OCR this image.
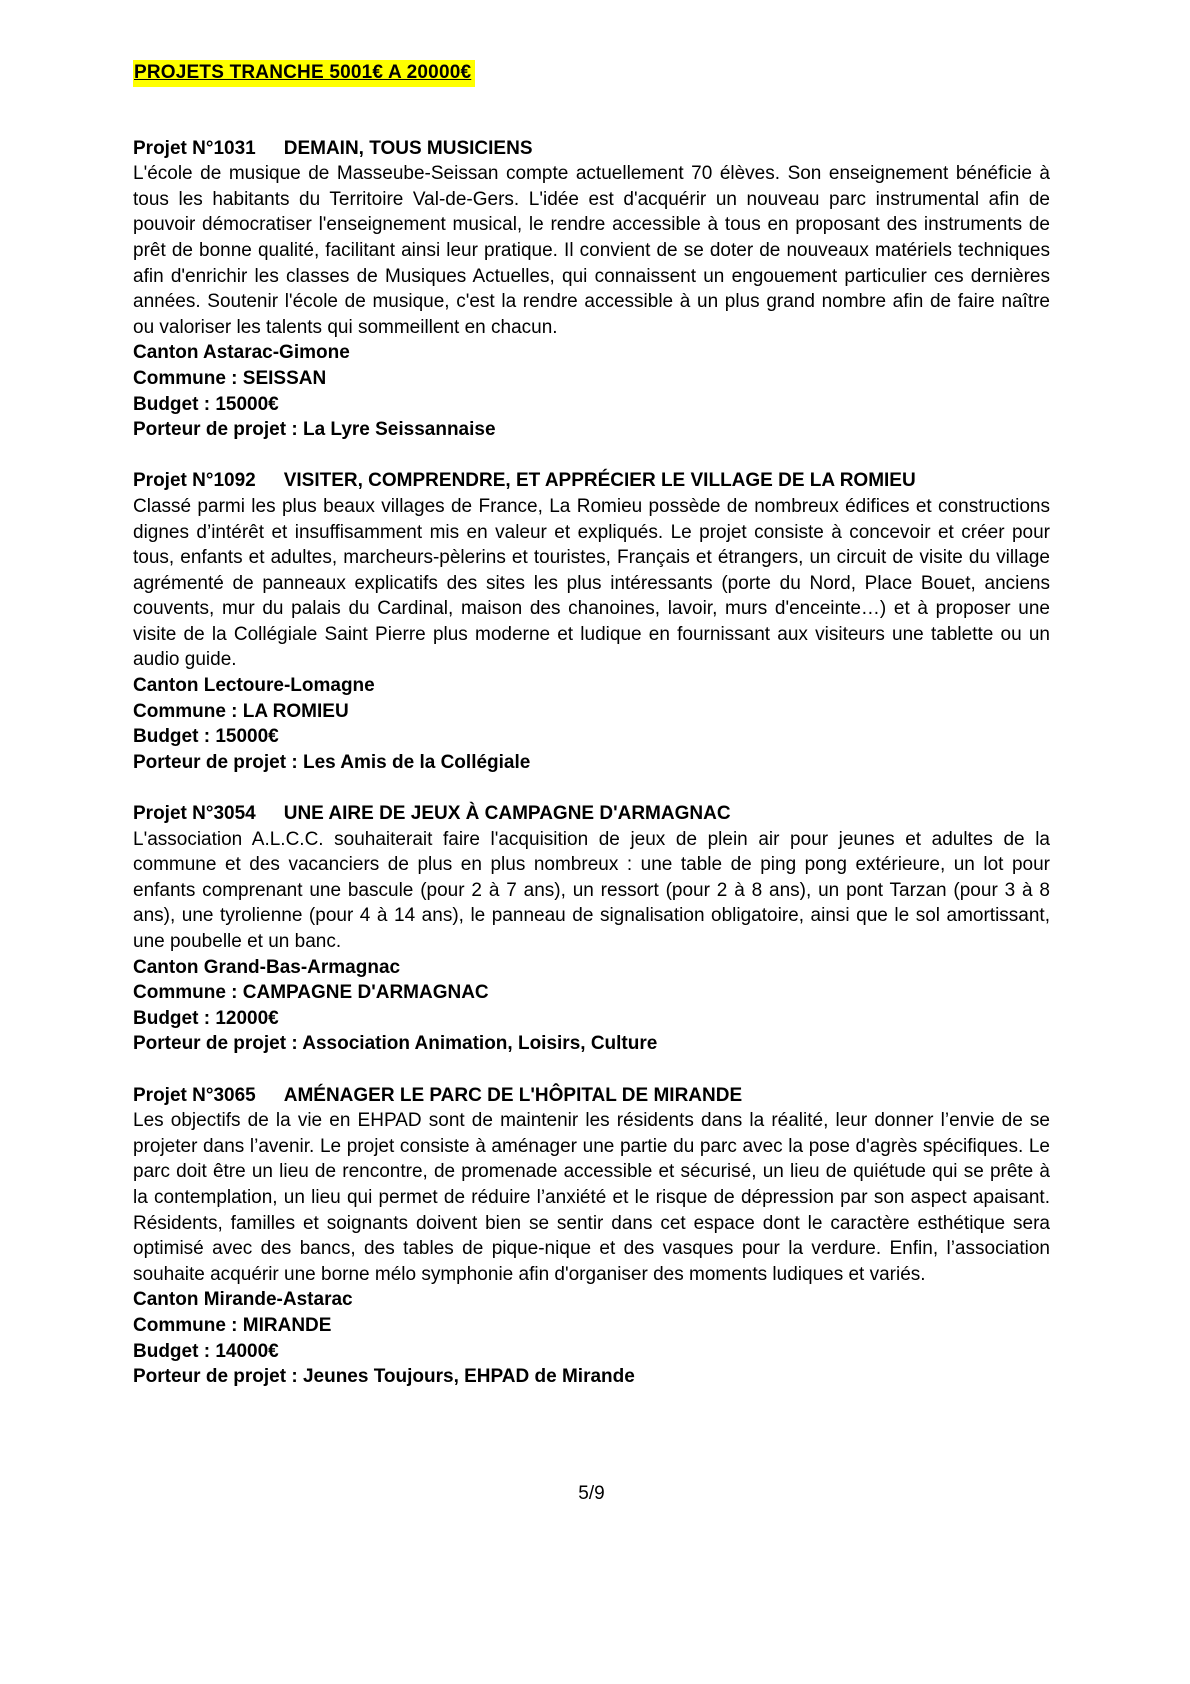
PROJETS TRANCHE 5001€ A 20000€
Projet N°1031 DEMAIN, TOUS MUSICIENS

L'école de musique de Masseube-Seissan compte actuellement 70 élèves. Son enseignement bénéficie à tous les habitants du Territoire Val-de-Gers. L'idée est d'acquérir un nouveau parc instrumental afin de pouvoir démocratiser l'enseignement musical, le rendre accessible à tous en proposant des instruments de prêt de bonne qualité, facilitant ainsi leur pratique. Il convient de se doter de nouveaux matériels techniques afin d'enrichir les classes de Musiques Actuelles, qui connaissent un engouement particulier ces dernières années. Soutenir l'école de musique, c'est la rendre accessible à un plus grand nombre afin de faire naître ou valoriser les talents qui sommeillent en chacun.

Canton Astarac-Gimone

Commune : SEISSAN

Budget : 15000€

Porteur de projet : La Lyre Seissannaise

Projet N°1092 VISITER, COMPRENDRE, ET APPRÉCIER LE VILLAGE DE LA ROMIEU

Classé parmi les plus beaux villages de France, La Romieu possède de nombreux édifices et constructions dignes d’intérêt et insuffisamment mis en valeur et expliqués. Le projet consiste à concevoir et créer pour tous, enfants et adultes, marcheurs-pèlerins et touristes, Français et étrangers, un circuit de visite du village agrémenté de panneaux explicatifs des sites les plus intéressants (porte du Nord, Place Bouet, anciens couvents, mur du palais du Cardinal, maison des chanoines, lavoir, murs d'enceinte…) et à proposer une visite de la Collégiale Saint Pierre plus moderne et ludique en fournissant aux visiteurs une tablette ou un audio guide.

Canton Lectoure-Lomagne

Commune : LA ROMIEU

Budget : 15000€

Porteur de projet : Les Amis de la Collégiale

Projet N°3054 UNE AIRE DE JEUX À CAMPAGNE D'ARMAGNAC

L'association A.L.C.C. souhaiterait faire l'acquisition de jeux de plein air pour jeunes et adultes de la commune et des vacanciers de plus en plus nombreux : une table de ping pong extérieure, un lot pour enfants comprenant une bascule (pour 2 à 7 ans), un ressort (pour 2 à 8 ans), un pont Tarzan (pour 3 à 8 ans), une tyrolienne (pour 4 à 14 ans), le panneau de signalisation obligatoire, ainsi que le sol amortissant, une poubelle et un banc.

Canton Grand-Bas-Armagnac

Commune : CAMPAGNE D'ARMAGNAC

Budget : 12000€

Porteur de projet : Association Animation, Loisirs, Culture

Projet N°3065 AMÉNAGER LE PARC DE L'HÔPITAL DE MIRANDE

Les objectifs de la vie en EHPAD sont de maintenir les résidents dans la réalité, leur donner l’envie de se projeter dans l’avenir. Le projet consiste à aménager une partie du parc avec la pose d'agrès spécifiques. Le parc doit être un lieu de rencontre, de promenade accessible et sécurisé, un lieu de quiétude qui se prête à la contemplation, un lieu qui permet de réduire l’anxiété et le risque de dépression par son aspect apaisant. Résidents, familles et soignants doivent bien se sentir dans cet espace dont le caractère esthétique sera optimisé avec des bancs, des tables de pique-nique et des vasques pour la verdure. Enfin, l’association souhaite acquérir une borne mélo symphonie afin d'organiser des moments ludiques et variés.

Canton Mirande-Astarac

Commune : MIRANDE

Budget : 14000€

Porteur de projet : Jeunes Toujours, EHPAD de Mirande

5/9
